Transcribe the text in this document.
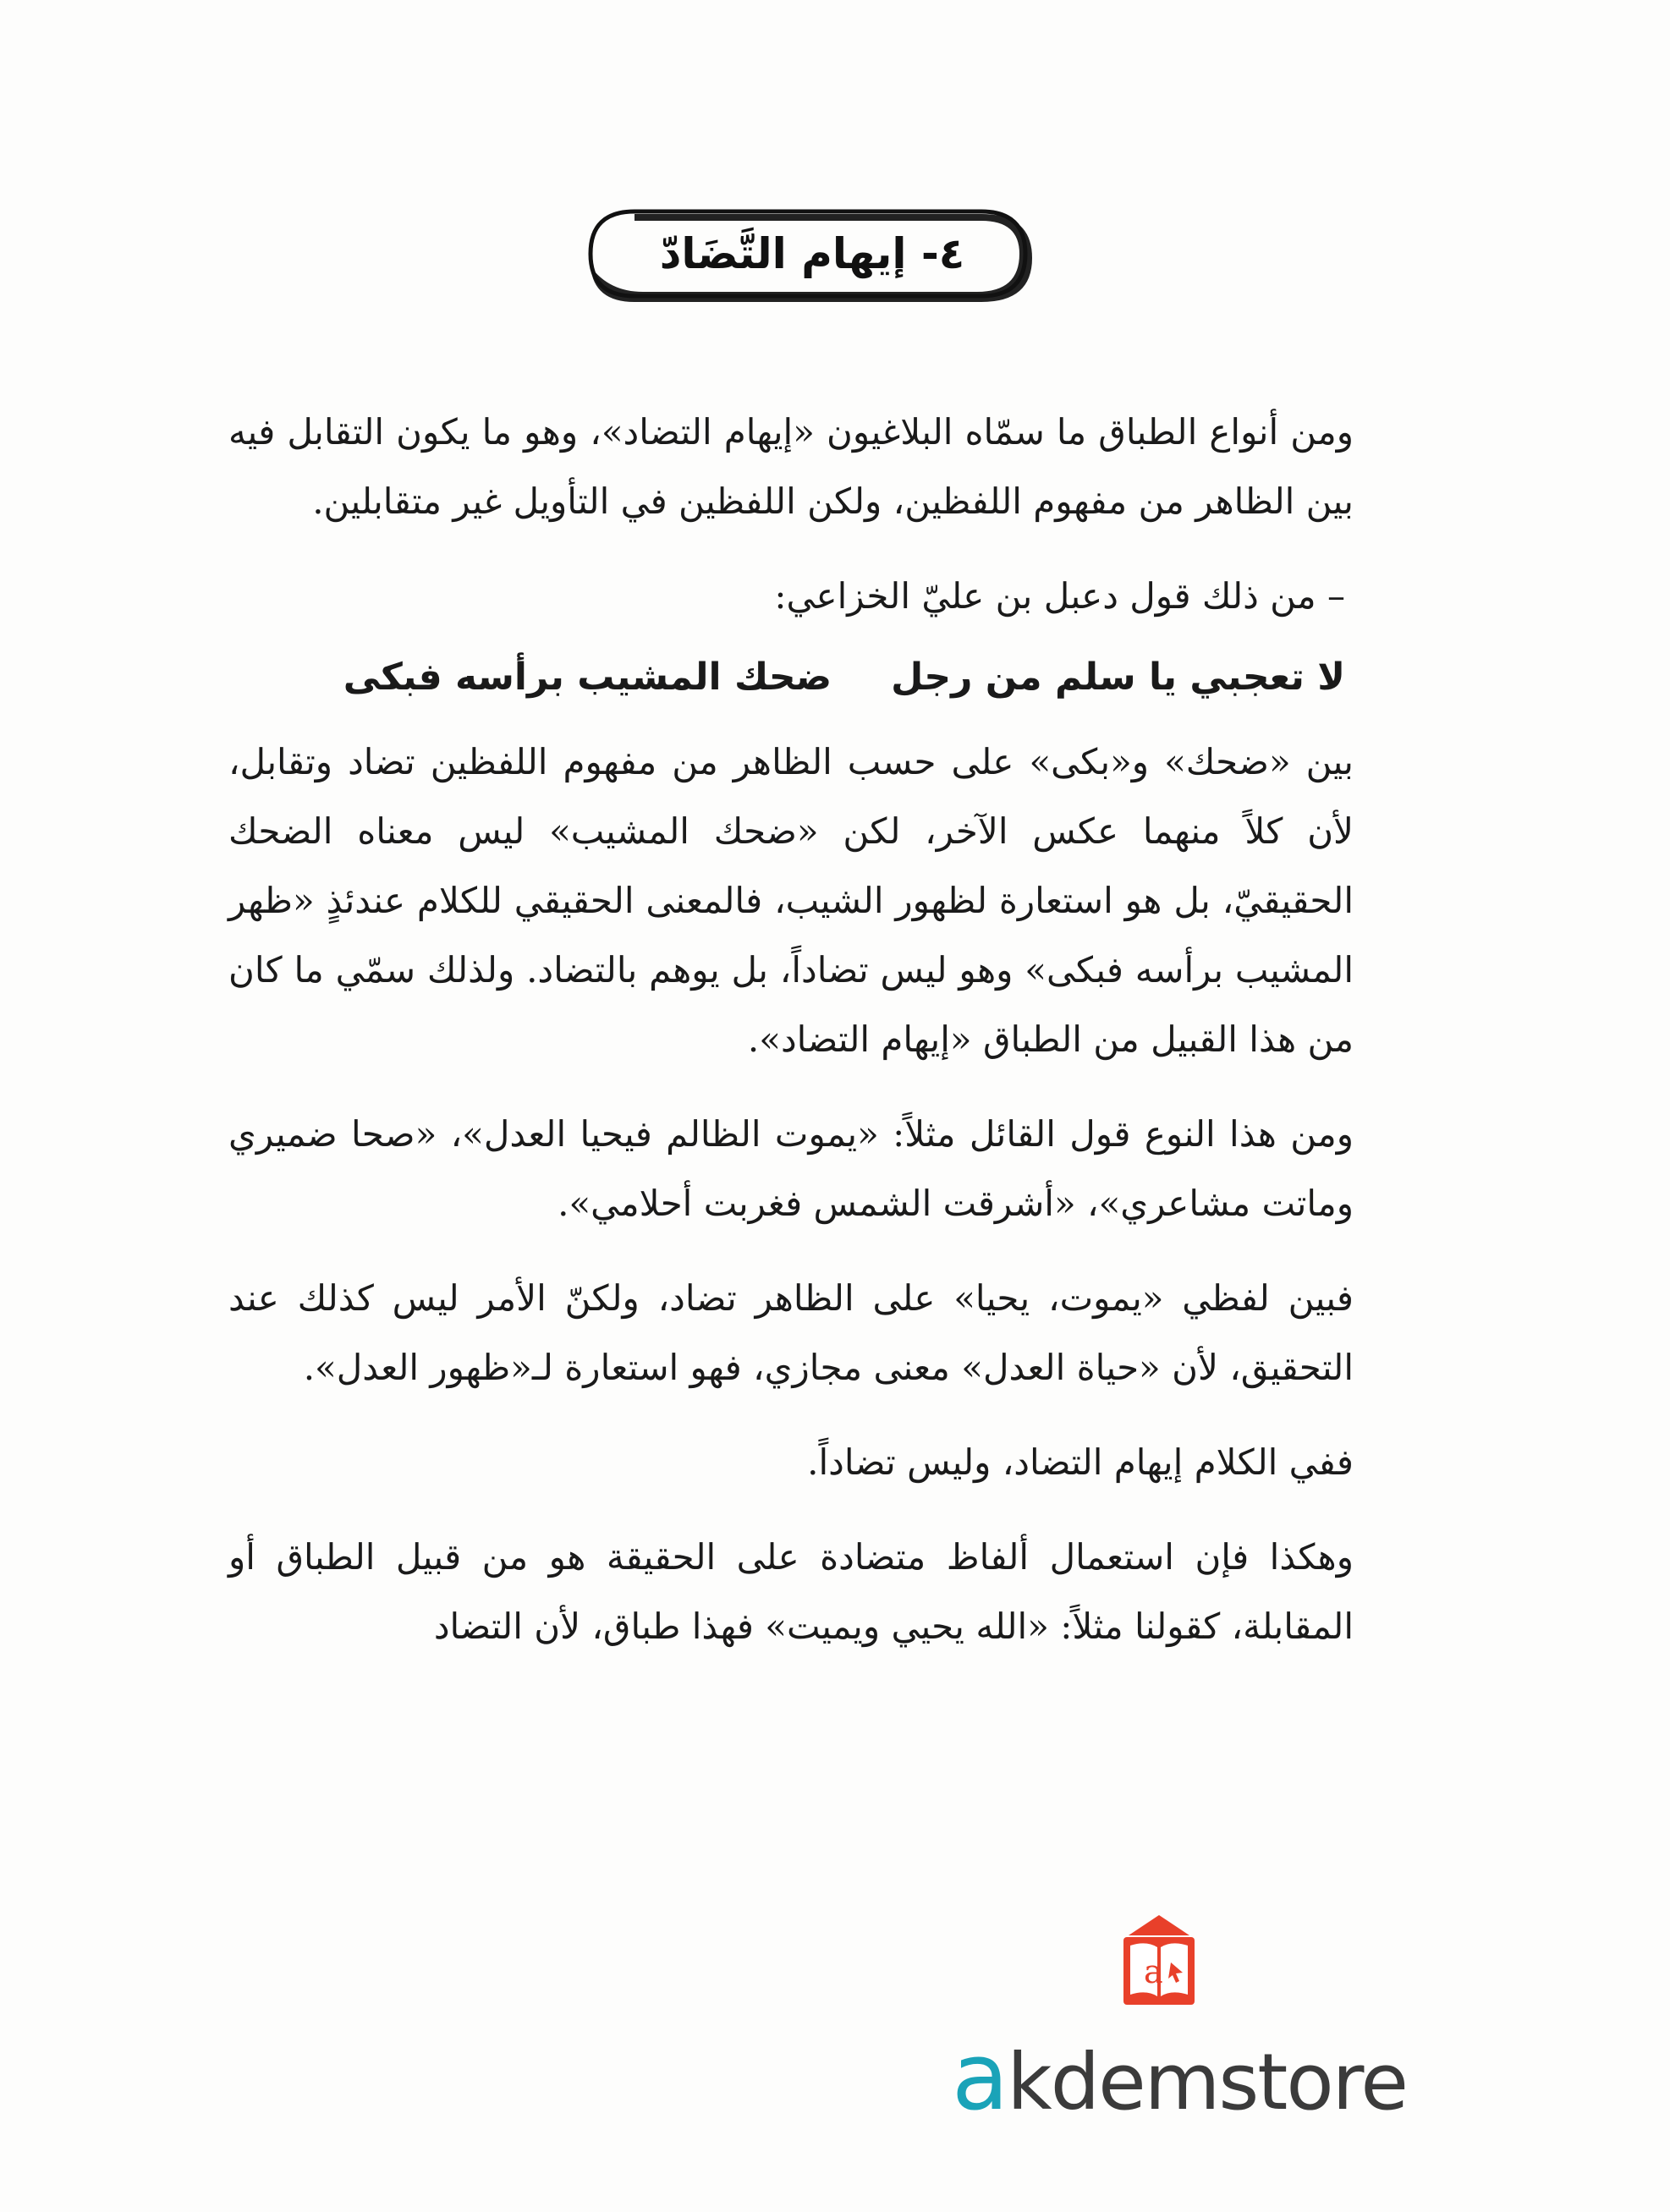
٤- إيهام التَّضَادّ

ومن أنواع الطباق ما سمّاه البلاغيون «إيهام التضاد»، وهو ما يكون التقابل فيه بين الظاهر من مفهوم اللفظين، ولكن اللفظين في التأويل غير متقابلين.

– من ذلك قول دعبل بن عليّ الخزاعي:

لا تعجبي يا سلم من رجل
ضحك المشيب برأسه فبكى

بين «ضحك» و«بكى» على حسب الظاهر من مفهوم اللفظين تضاد وتقابل، لأن كلاً منهما عكس الآخر، لكن «ضحك المشيب» ليس معناه الضحك الحقيقيّ، بل هو استعارة لظهور الشيب، فالمعنى الحقيقي للكلام عندئذٍ «ظهر المشيب برأسه فبكى» وهو ليس تضاداً، بل يوهم بالتضاد. ولذلك سمّي ما كان من هذا القبيل من الطباق «إيهام التضاد».

ومن هذا النوع قول القائل مثلاً: «يموت الظالم فيحيا العدل»، «صحا ضميري وماتت مشاعري»، «أشرقت الشمس فغربت أحلامي».

فبين لفظي «يموت، يحيا» على الظاهر تضاد، ولكنّ الأمر ليس كذلك عند التحقيق، لأن «حياة العدل» معنى مجازي، فهو استعارة لـ«ظهور العدل».

ففي الكلام إيهام التضاد، وليس تضاداً.

وهكذا فإن استعمال ألفاظ متضادة على الحقيقة هو من قبيل الطباق أو المقابلة، كقولنا مثلاً: «الله يحيي ويميت» فهذا طباق، لأن التضاد

a
akdemstore
